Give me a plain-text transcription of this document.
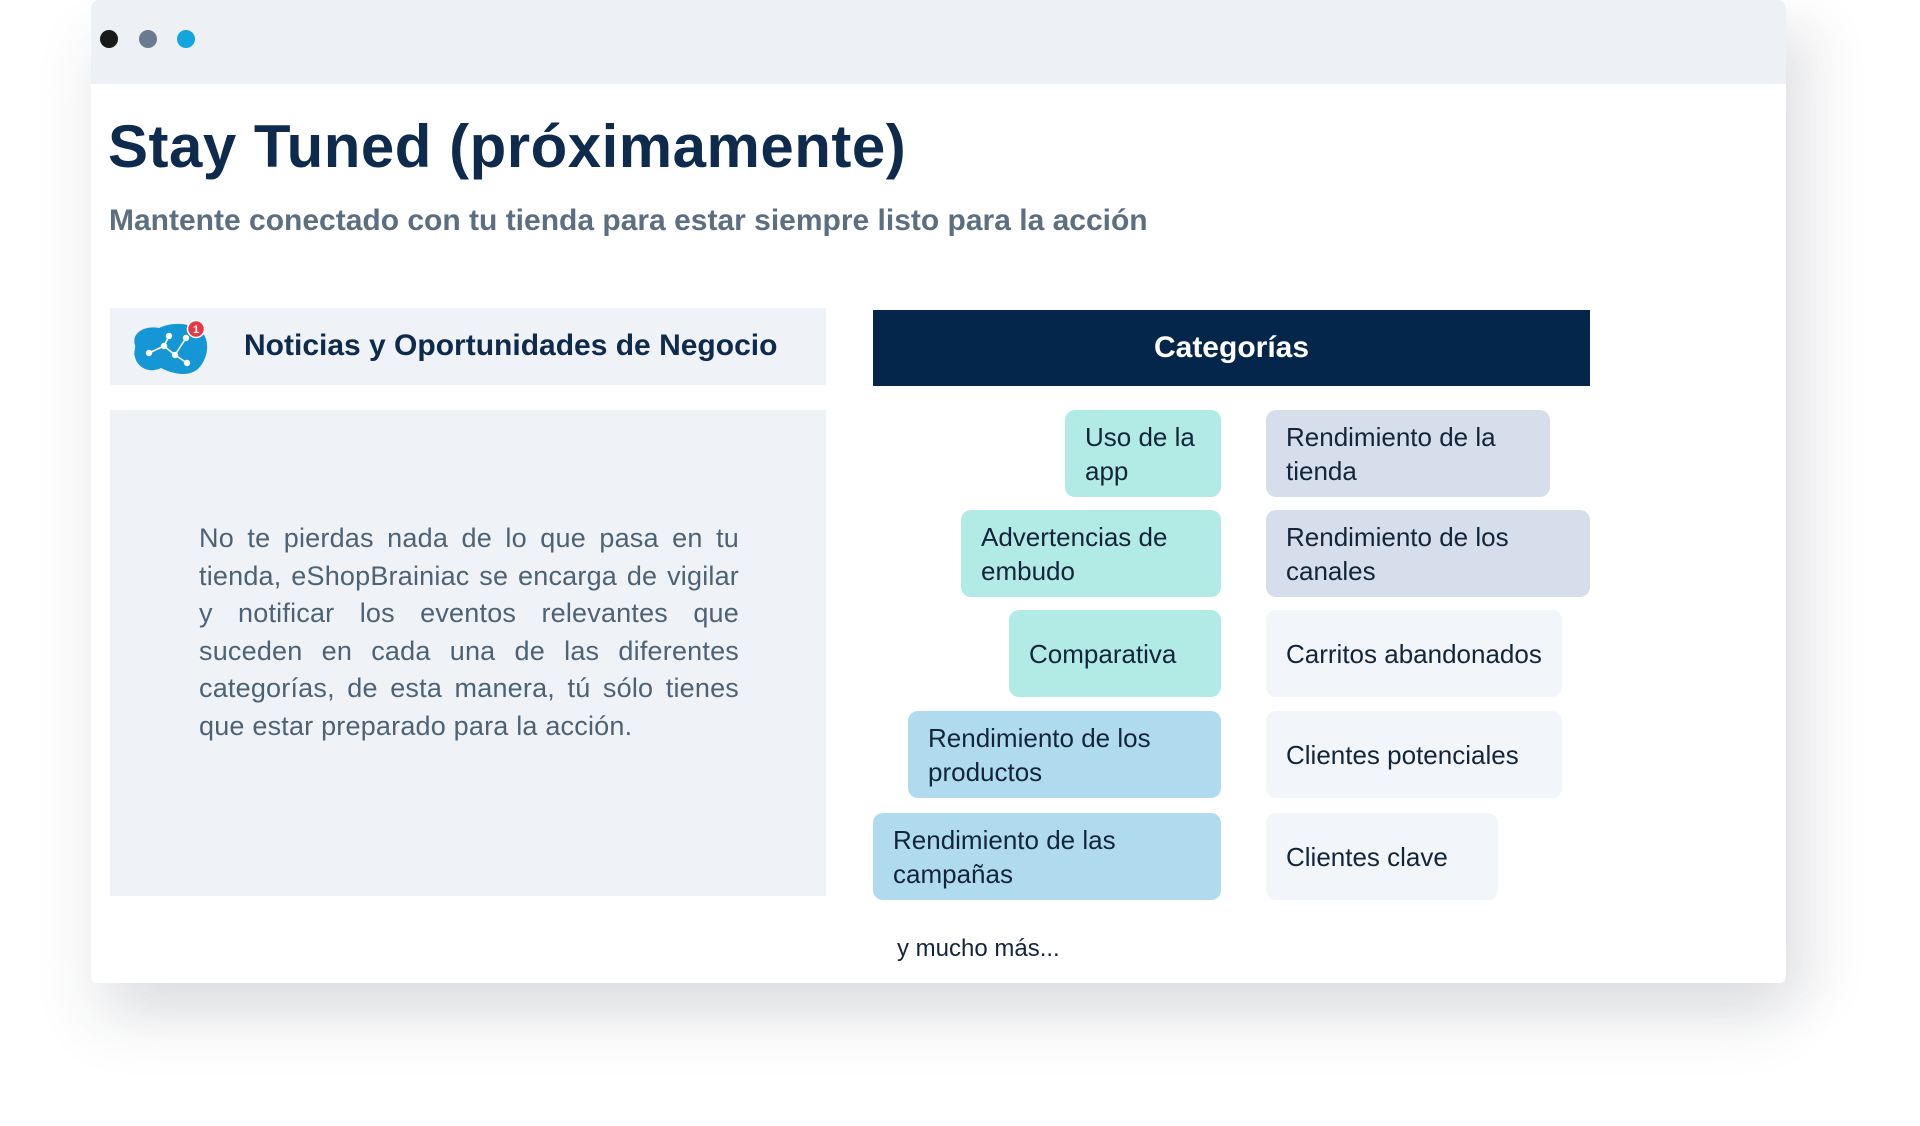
Stay Tuned (próximamente)

Mantente conectado con tu tienda para estar siempre listo para la acción

1 Noticias y Oportunidades de Negocio

No te pierdas nada de lo que pasa en tu tienda, eShopBrainiac se encarga de vigilar y notificar los eventos relevantes que suceden en cada una de las diferentes categorías, de esta manera, tú sólo tienes que estar preparado para la acción.

Categorías
Uso de la app
Advertencias de embudo
Comparativa
Rendimiento de los productos
Rendimiento de las campañas
Rendimiento de la tienda
Rendimiento de los canales
Carritos abandonados
Clientes potenciales
Clientes clave

y mucho más...
